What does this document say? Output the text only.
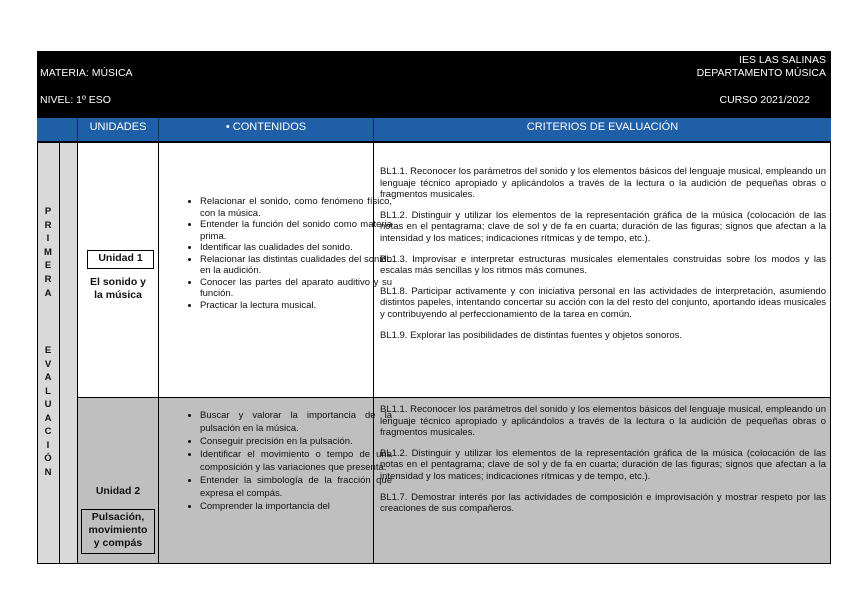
MATERIA: MÚSICA
NIVEL: 1º ESO
IES LAS SALINAS
DEPARTAMENTO MÚSICA
CURSO 2021/2022
UNIDADES	• CONTENIDOS	CRITERIOS DE EVALUACIÓN
P
R
I
M
E
R
A
E
V
A
L
U
A
C
I
Ó
N
Unidad 1
El sonido y
la música
• Relacionar el sonido, como fenómeno físico, con la música.
• Entender la función del sonido como materia prima.
• Identificar las cualidades del sonido.
• Relacionar las distintas cualidades del sonido en la audición.
• Conocer las partes del aparato auditivo y su función.
• Practicar la lectura musical.

BL1.1. Reconocer los parámetros del sonido y los elementos básicos del lenguaje musical, empleando un lenguaje técnico apropiado y aplicándolos a través de la lectura o la audición de pequeñas obras o fragmentos musicales.

BL1.2. Distinguir y utilizar los elementos de la representación gráfica de la música (colocación de las notas en el pentagrama; clave de sol y de fa en cuarta; duración de las figuras; signos que afectan a la intensidad y los matices; indicaciones rítmicas y de tempo, etc.).

BL1.3. Improvisar e interpretar estructuras musicales elementales construidas sobre los modos y las escalas más sencillas y los ritmos más comunes.

BL1.8. Participar activamente y con iniciativa personal en las actividades de interpretación, asumiendo distintos papeles, intentando concertar su acción con la del resto del conjunto, aportando ideas musicales y contribuyendo al perfeccionamiento de la tarea en común.

BL1.9. Explorar las posibilidades de distintas fuentes y objetos sonoros.

Unidad 2
Pulsación,
movimiento
y compás
• Buscar y valorar la importancia de la pulsación en la música.
• Conseguir precisión en la pulsación.
• Identificar el movimiento o tempo de una composición y las variaciones que presenta.
• Entender la simbología de la fracción que expresa el compás.
• Comprender la importancia del

BL1.1. Reconocer los parámetros del sonido y los elementos básicos del lenguaje musical, empleando un lenguaje técnico apropiado y aplicándolos a través de la lectura o la audición de pequeñas obras o fragmentos musicales.

BL1.2. Distinguir y utilizar los elementos de la representación gráfica de la música (colocación de las notas en el pentagrama; clave de sol y de fa en cuarta; duración de las figuras; signos que afectan a la intensidad y los matices; indicaciones rítmicas y de tempo, etc.).

BL1.7. Demostrar interés por las actividades de composición e improvisación y mostrar respeto por las creaciones de sus compañeros.
